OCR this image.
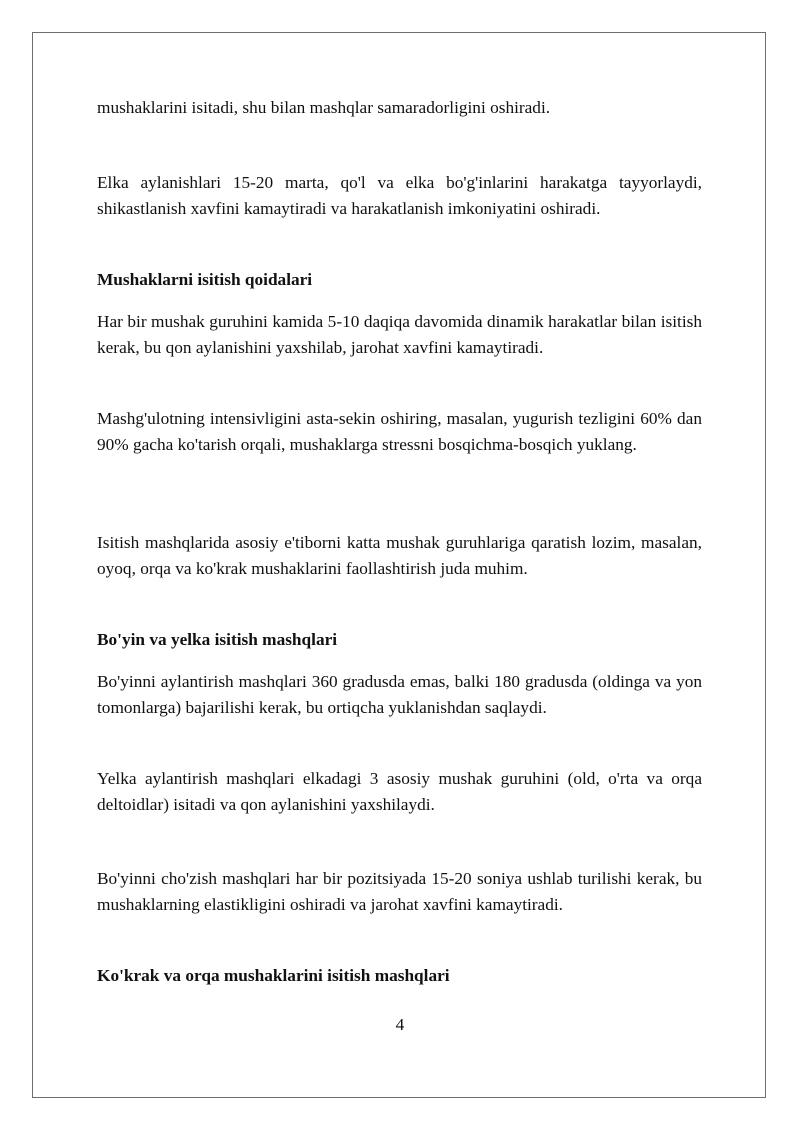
mushaklarini isitadi, shu bilan mashqlar samaradorligini oshiradi.

Elka aylanishlari 15-20 marta, qo'l va elka bo'g'inlarini harakatga tayyorlaydi, shikastlanish xavfini kamaytiradi va harakatlanish imkoniyatini oshiradi.

Mushaklarni isitish qoidalari

Har bir mushak guruhini kamida 5-10 daqiqa davomida dinamik harakatlar bilan isitish kerak, bu qon aylanishini yaxshilab, jarohat xavfini kamaytiradi.

Mashg'ulotning intensivligini asta-sekin oshiring, masalan, yugurish tezligini 60% dan 90% gacha ko'tarish orqali, mushaklarga stressni bosqichma-bosqich yuklang.

Isitish mashqlarida asosiy e'tiborni katta mushak guruhlariga qaratish lozim, masalan, oyoq, orqa va ko'krak mushaklarini faollashtirish juda muhim.

Bo'yin va yelka isitish mashqlari

Bo'yinni aylantirish mashqlari 360 gradusda emas, balki 180 gradusda (oldinga va yon tomonlarga) bajarilishi kerak, bu ortiqcha yuklanishdan saqlaydi.

Yelka aylantirish mashqlari elkadagi 3 asosiy mushak guruhini (old, o'rta va orqa deltoidlar) isitadi va qon aylanishini yaxshilaydi.

Bo'yinni cho'zish mashqlari har bir pozitsiyada 15-20 soniya ushlab turilishi kerak, bu mushaklarning elastikligini oshiradi va jarohat xavfini kamaytiradi.

Ko'krak va orqa mushaklarini isitish mashqlari
4
